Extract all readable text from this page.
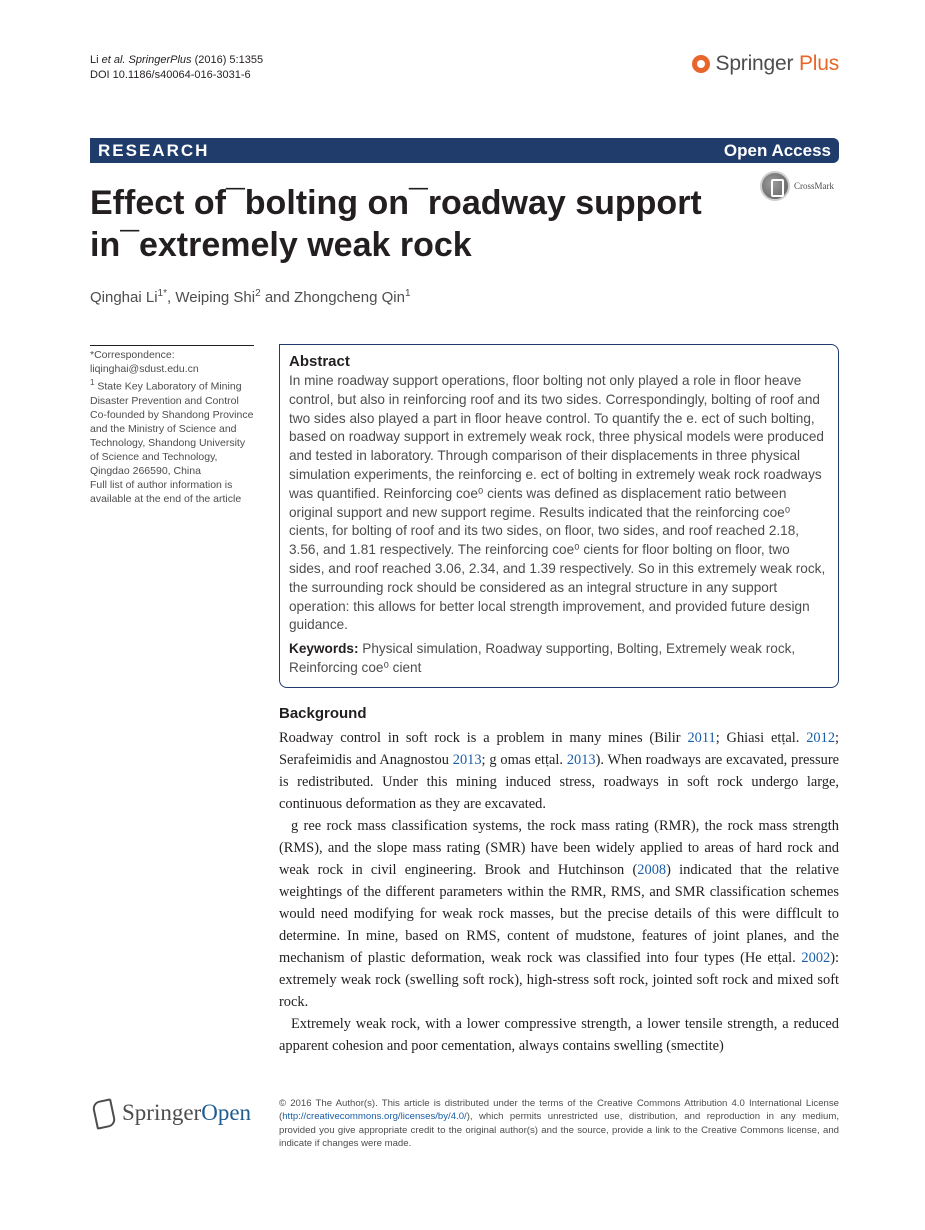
Li et al. SpringerPlus (2016) 5:1355
DOI 10.1186/s40064-016-3031-6	Springer Plus
RESEARCH	Open Access
CrossMark
Effect of¯bolting on¯roadway support in¯extremely weak rock
Qinghai $Li^{1*}$, Weiping Shi$^2$ and Zhongcheng Qin$^1$
*Correspondence:
liqinghai@sdust.edu.cn
$^1$ State Key Laboratory of Mining Disaster Prevention and Control Co-founded by Shandong Province and the Ministry of Science and Technology, Shandong University of Science and Technology, Qingdao 266590, China
Full list of author information is available at the end of the article
Abstract

In mine roadway support operations, floor bolting not only played a role in floor heave control, but also in reinforcing roof and its two sides. Correspondingly, bolting of roof and two sides also played a part in floor heave control. To quantify the e. ect of such bolting, based on roadway support in extremely weak rock, three physical models were produced and tested in laboratory. Through comparison of their displacements in three physical simulation experiments, the reinforcing e. ect of bolting in extremely weak rock roadways was quantified. Reinforcing coe⁰ cients was defined as displacement ratio between original support and new support regime. Results indicated that the reinforcing coe⁰ cients, for bolting of roof and its two sides, on floor, two sides, and roof reached 2.18, 3.56, and 1.81 respectively. The reinforcing coe⁰ cients for floor bolting on floor, two sides, and roof reached 3.06, 2.34, and 1.39 respectively. So in this extremely weak rock, the surrounding rock should be considered as an integral structure in any support operation: this allows for better local strength improvement, and provided future design guidance.

Keywords: Physical simulation, Roadway supporting, Bolting, Extremely weak rock, Reinforcing coe⁰ cient

Background

Roadway control in soft rock is a problem in many mines (Bilir 2011; Ghiasi etṭal. 2012; Serafeimidis and Anagnostou 2013; g omas etṭal. 2013). When roadways are excavated, pressure is redistributed. Under this mining induced stress, roadways in soft rock undergo large, continuous deformation as they are excavated.

g ree rock mass classification systems, the rock mass rating (RMR), the rock mass strength (RMS), and the slope mass rating (SMR) have been widely applied to areas of hard rock and weak rock in civil engineering. Brook and Hutchinson (2008) indicated that the relative weightings of the different parameters within the RMR, RMS, and SMR classification schemes would need modifying for weak rock masses, but the precise details of this were difflcult to determine. In mine, based on RMS, content of mudstone, features of joint planes, and the mechanism of plastic deformation, weak rock was classified into four types (He etṭal. 2002): extremely weak rock (swelling soft rock), high-stress soft rock, jointed soft rock and mixed soft rock.

Extremely weak rock, with a lower compressive strength, a lower tensile strength, a reduced apparent cohesion and poor cementation, always contains swelling (smectite)

SpringerOpen	© 2016 The Author(s). This article is distributed under the terms of the Creative Commons Attribution 4.0 International License (http://creativecommons.org/licenses/by/4.0/), which permits unrestricted use, distribution, and reproduction in any medium, provided you give appropriate credit to the original author(s) and the source, provide a link to the Creative Commons license, and indicate if changes were made.
